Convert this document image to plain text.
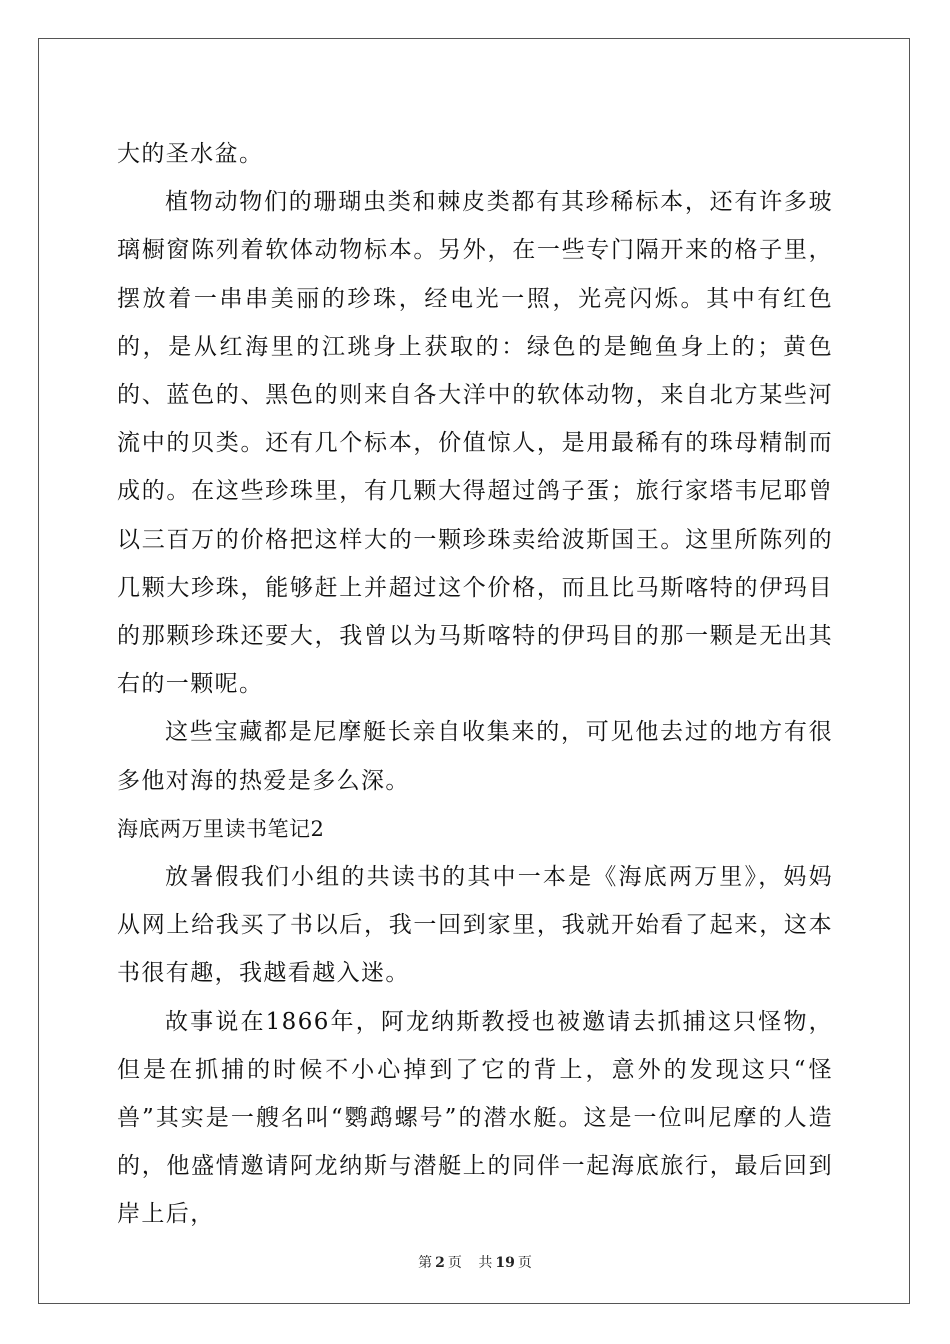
大的圣水盆。

植物动物们的珊瑚虫类和棘皮类都有其珍稀标本，还有许多玻璃橱窗陈列着软体动物标本。另外，在一些专门隔开来的格子里，摆放着一串串美丽的珍珠，经电光一照，光亮闪烁。其中有红色的，是从红海里的江珧身上获取的：绿色的是鲍鱼身上的；黄色的、蓝色的、黑色的则来自各大洋中的软体动物，来自北方某些河流中的贝类。还有几个标本，价值惊人，是用最稀有的珠母精制而成的。在这些珍珠里，有几颗大得超过鸽子蛋；旅行家塔韦尼耶曾以三百万的价格把这样大的一颗珍珠卖给波斯国王。这里所陈列的几颗大珍珠，能够赶上并超过这个价格，而且比马斯喀特的伊玛目的那颗珍珠还要大，我曾以为马斯喀特的伊玛目的那一颗是无出其右的一颗呢。

这些宝藏都是尼摩艇长亲自收集来的，可见他去过的地方有很多他对海的热爱是多么深。

海底两万里读书笔记2

放暑假我们小组的共读书的其中一本是《海底两万里》，妈妈从网上给我买了书以后，我一回到家里，我就开始看了起来，这本书很有趣，我越看越入迷。

故事说在1866年，阿龙纳斯教授也被邀请去抓捕这只怪物，但是在抓捕的时候不小心掉到了它的背上，意外的发现这只“怪兽”其实是一艘名叫“鹦鹉螺号”的潜水艇。这是一位叫尼摩的人造的，他盛情邀请阿龙纳斯与潜艇上的同伴一起海底旅行，最后回到岸上后，

第 2 页 共 19 页
